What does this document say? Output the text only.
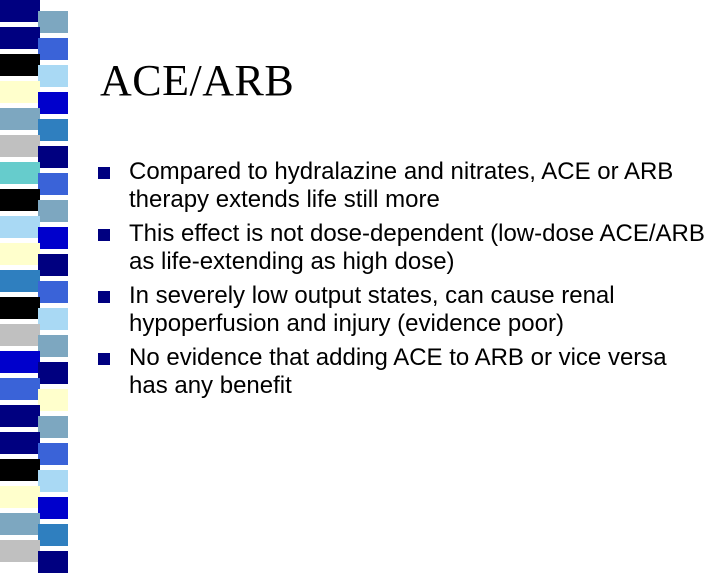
ACE/ARB
Compared to hydralazine and nitrates, ACE or ARB therapy extends life still more
This effect is not dose-dependent (low-dose ACE/ARB as life-extending as high dose)
In severely low output states, can cause renal hypoperfusion and injury (evidence poor)
No evidence that adding ACE to ARB or vice versa has any benefit
